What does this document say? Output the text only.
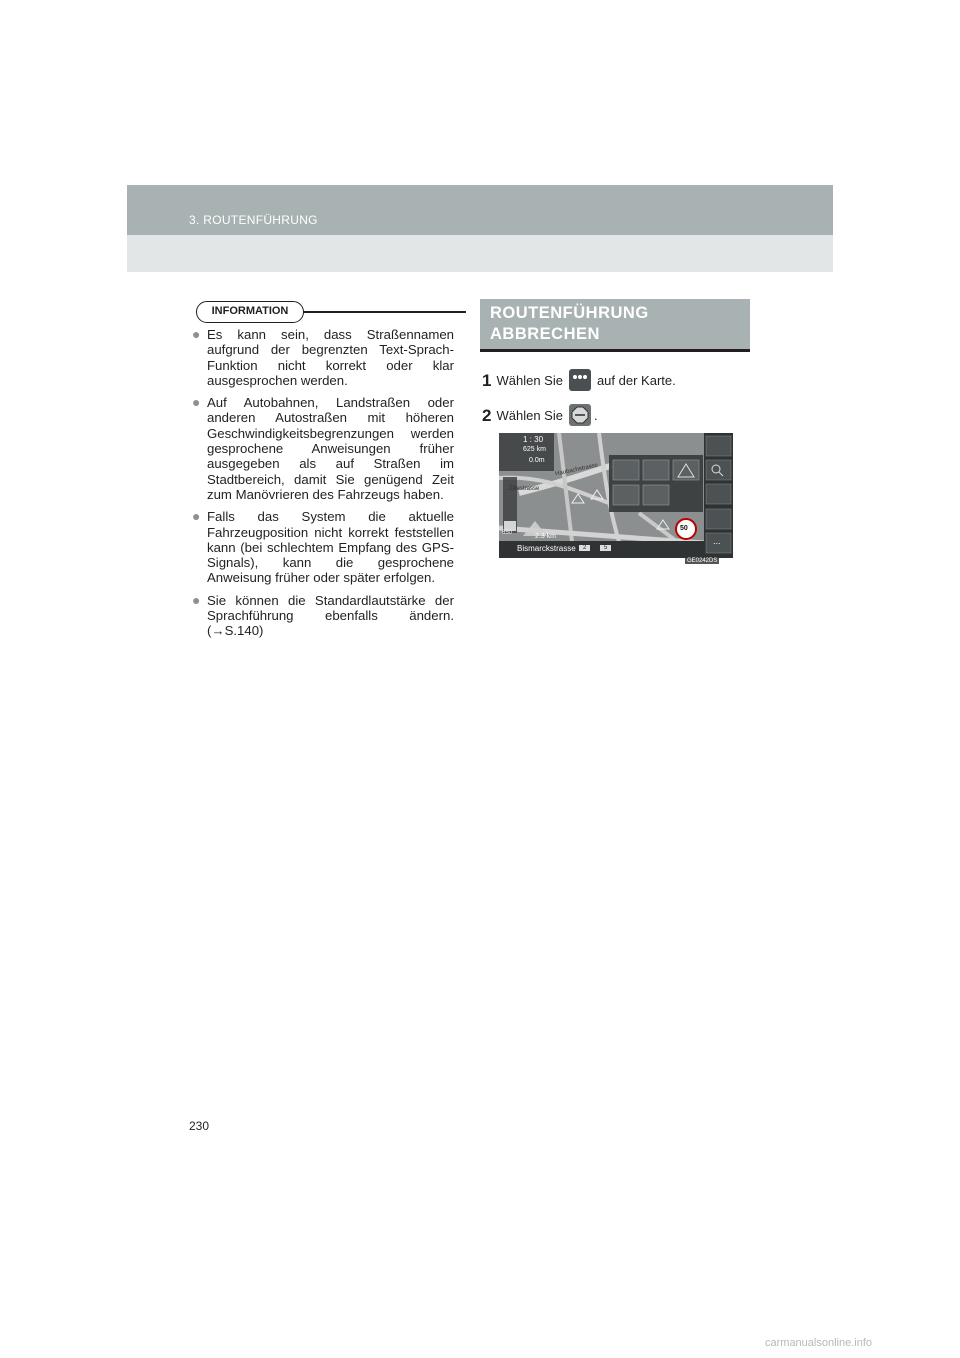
3. ROUTENFÜHRUNG
INFORMATION
● Es kann sein, dass Straßennamen aufgrund der begrenzten Text-Sprach-Funktion nicht korrekt oder klar ausgesprochen werden.
● Auf Autobahnen, Landstraßen oder anderen Autostraßen mit höheren Geschwindigkeitsbegrenzungen werden gesprochene Anweisungen früher ausgegeben als auf Straßen im Stadtbereich, damit Sie genügend Zeit zum Manövrieren des Fahrzeugs haben.
● Falls das System die aktuelle Fahrzeugposition nicht korrekt feststellen kann (bei schlechtem Empfang des GPS-Signals), kann die gesprochene Anweisung früher oder später erfolgen.
● Sie können die Standardlautstärke der Sprachführung ebenfalls ändern. (→S.140)
ROUTENFÜHRUNG
ABBRECHEN
1 Wählen Sie	auf der Karte.
2 Wählen Sie .
1 : 30
625 km
0.0m
Haubachstrasse
Zillestrasse
650	2.3 km
Bismarckstrasse	2	5
50
...
GE0242DS
230
carmanualsonline.info
